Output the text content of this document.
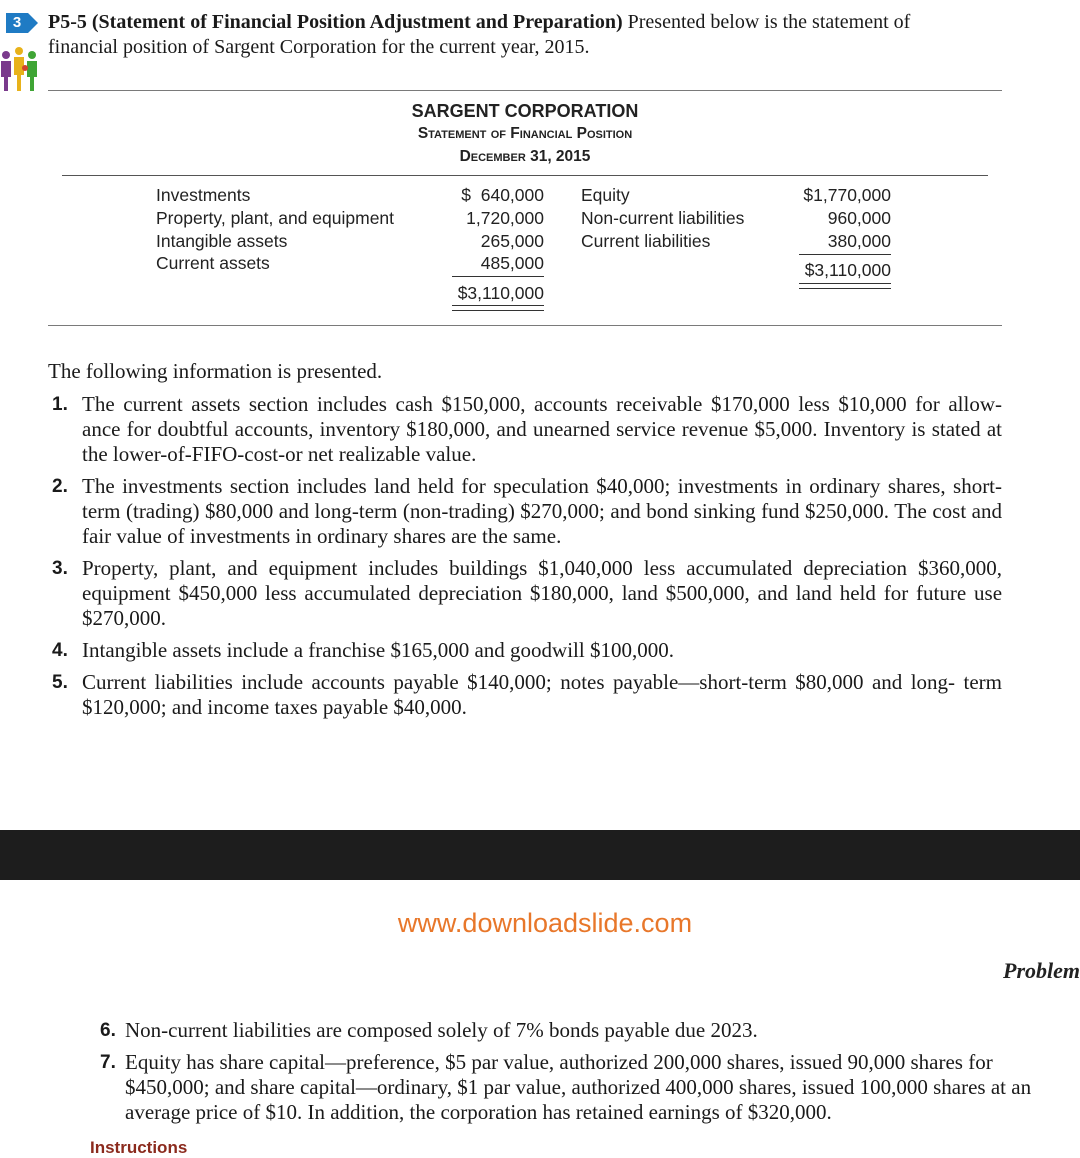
3	P5-5 (Statement of Financial Position Adjustment and Preparation) Presented below is the statement of
financial position of Sargent Corporation for the current year, 2015.
SARGENT CORPORATION
Statement of Financial Position
December 31, 2015
Investments
Property, plant, and equipment
Intangible assets
Current assets
$  640,000
1,720,000
265,000
485,000
$3,110,000
Equity
Non-current liabilities
Current liabilities
$1,770,000
960,000
380,000
$3,110,000
The following information is presented.
1. The current assets section includes cash $150,000, accounts receivable $170,000 less $10,000 for allow- ance for doubtful accounts, inventory $180,000, and unearned service revenue $5,000. Inventory is stated at the lower-of-FIFO-cost-or net realizable value.
2. The investments section includes land held for speculation $40,000; investments in ordinary shares, short-term (trading) $80,000 and long-term (non-trading) $270,000; and bond sinking fund $250,000. The cost and fair value of investments in ordinary shares are the same.
3. Property, plant, and equipment includes buildings $1,040,000 less accumulated depreciation $360,000, equipment $450,000 less accumulated depreciation $180,000, land $500,000, and land held for future use $270,000.
4. Intangible assets include a franchise $165,000 and goodwill $100,000.
5. Current liabilities include accounts payable $140,000; notes payable—short-term $80,000 and long- term $120,000; and income taxes payable $40,000.
www.downloadslide.com
Problem
6. Non-current liabilities are composed solely of 7% bonds payable due 2023.
7. Equity has share capital—preference, $5 par value, authorized 200,000 shares, issued 90,000 shares for $450,000; and share capital—ordinary, $1 par value, authorized 400,000 shares, issued 100,000 shares at an average price of $10. In addition, the corporation has retained earnings of $320,000.
Instructions
